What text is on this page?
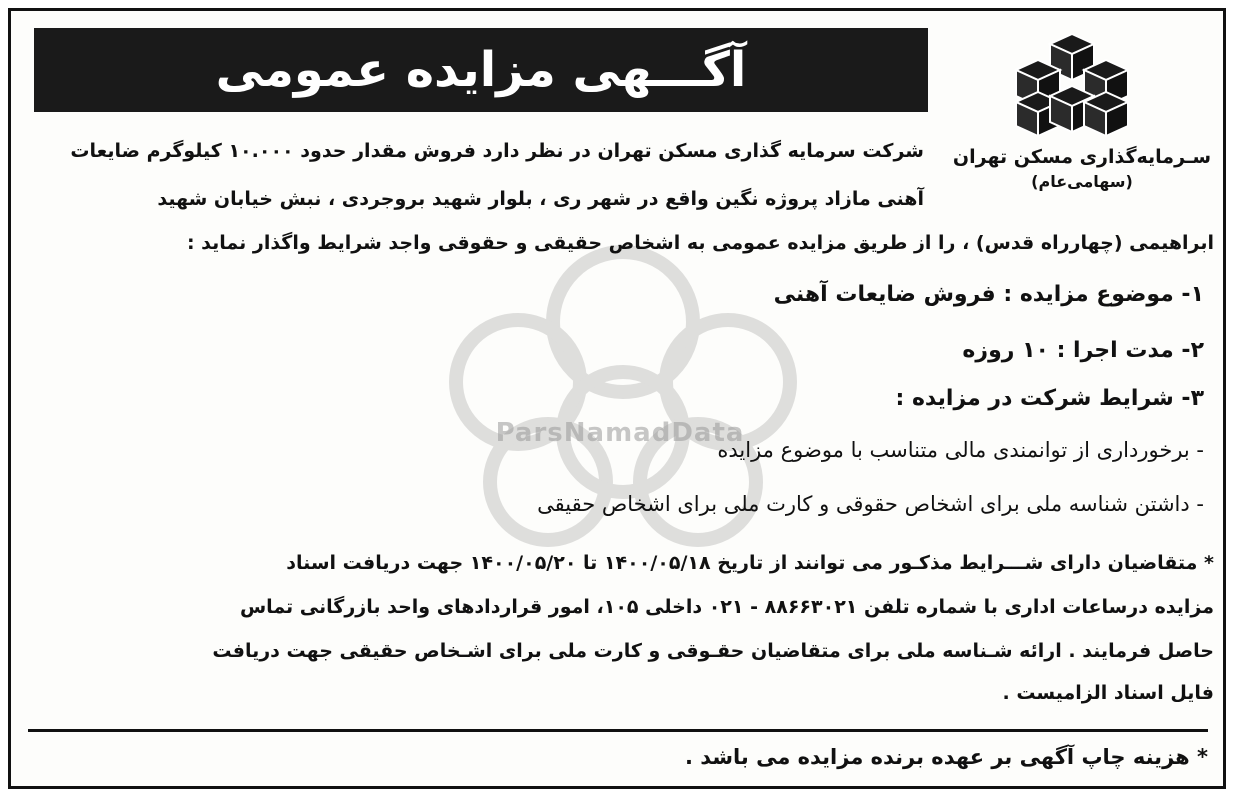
آگـــهی مزایده عمومی
سـرمایه‌گذاری مسکن تهران
(سهامی‌عام)
ParsNamadData
شرکت سرمایه گذاری مسکن تهران در نظر دارد فروش مقدار حدود ۱۰.۰۰۰ کیلوگرم ضایعات
آهنی مازاد پروژه نگین واقع در شهر ری ، بلوار شهید بروجردی ، نبش خیابان شهید
ابراهیمی (چهارراه قدس) ، را از طریق مزایده عمومی به اشخاص حقیقی و حقوقی واجد شرایط واگذار نماید :
۱- موضوع مزایده : فروش ضایعات آهنی
۲- مدت اجرا : ۱۰ روزه
۳- شرایط شرکت در مزایده :
- برخورداری از توانمندی مالی متناسب با موضوع مزایده
- داشتن شناسه ملی برای اشخاص حقوقی و کارت ملی برای اشخاص حقیقی
* متقاضیان دارای شـــرایط مذکـور می توانند از تاریخ ۱۴۰۰/۰۵/۱۸ تا ۱۴۰۰/۰۵/۲۰ جهت دریافت اسناد
مزایده درساعات اداری با شماره تلفن ۸۸۶۶۳۰۲۱ - ۰۲۱ داخلی ۱۰۵، امور قراردادهای واحد بازرگانی تماس
حاصل فرمایند . ارائه شـناسه ملی برای متقاضیان حقـوقی و کارت ملی برای اشـخاص حقیقی جهت دریافت
فایل اسناد الزامیست .
* هزینه چاپ آگهی بر عهده برنده مزایده می باشد .
